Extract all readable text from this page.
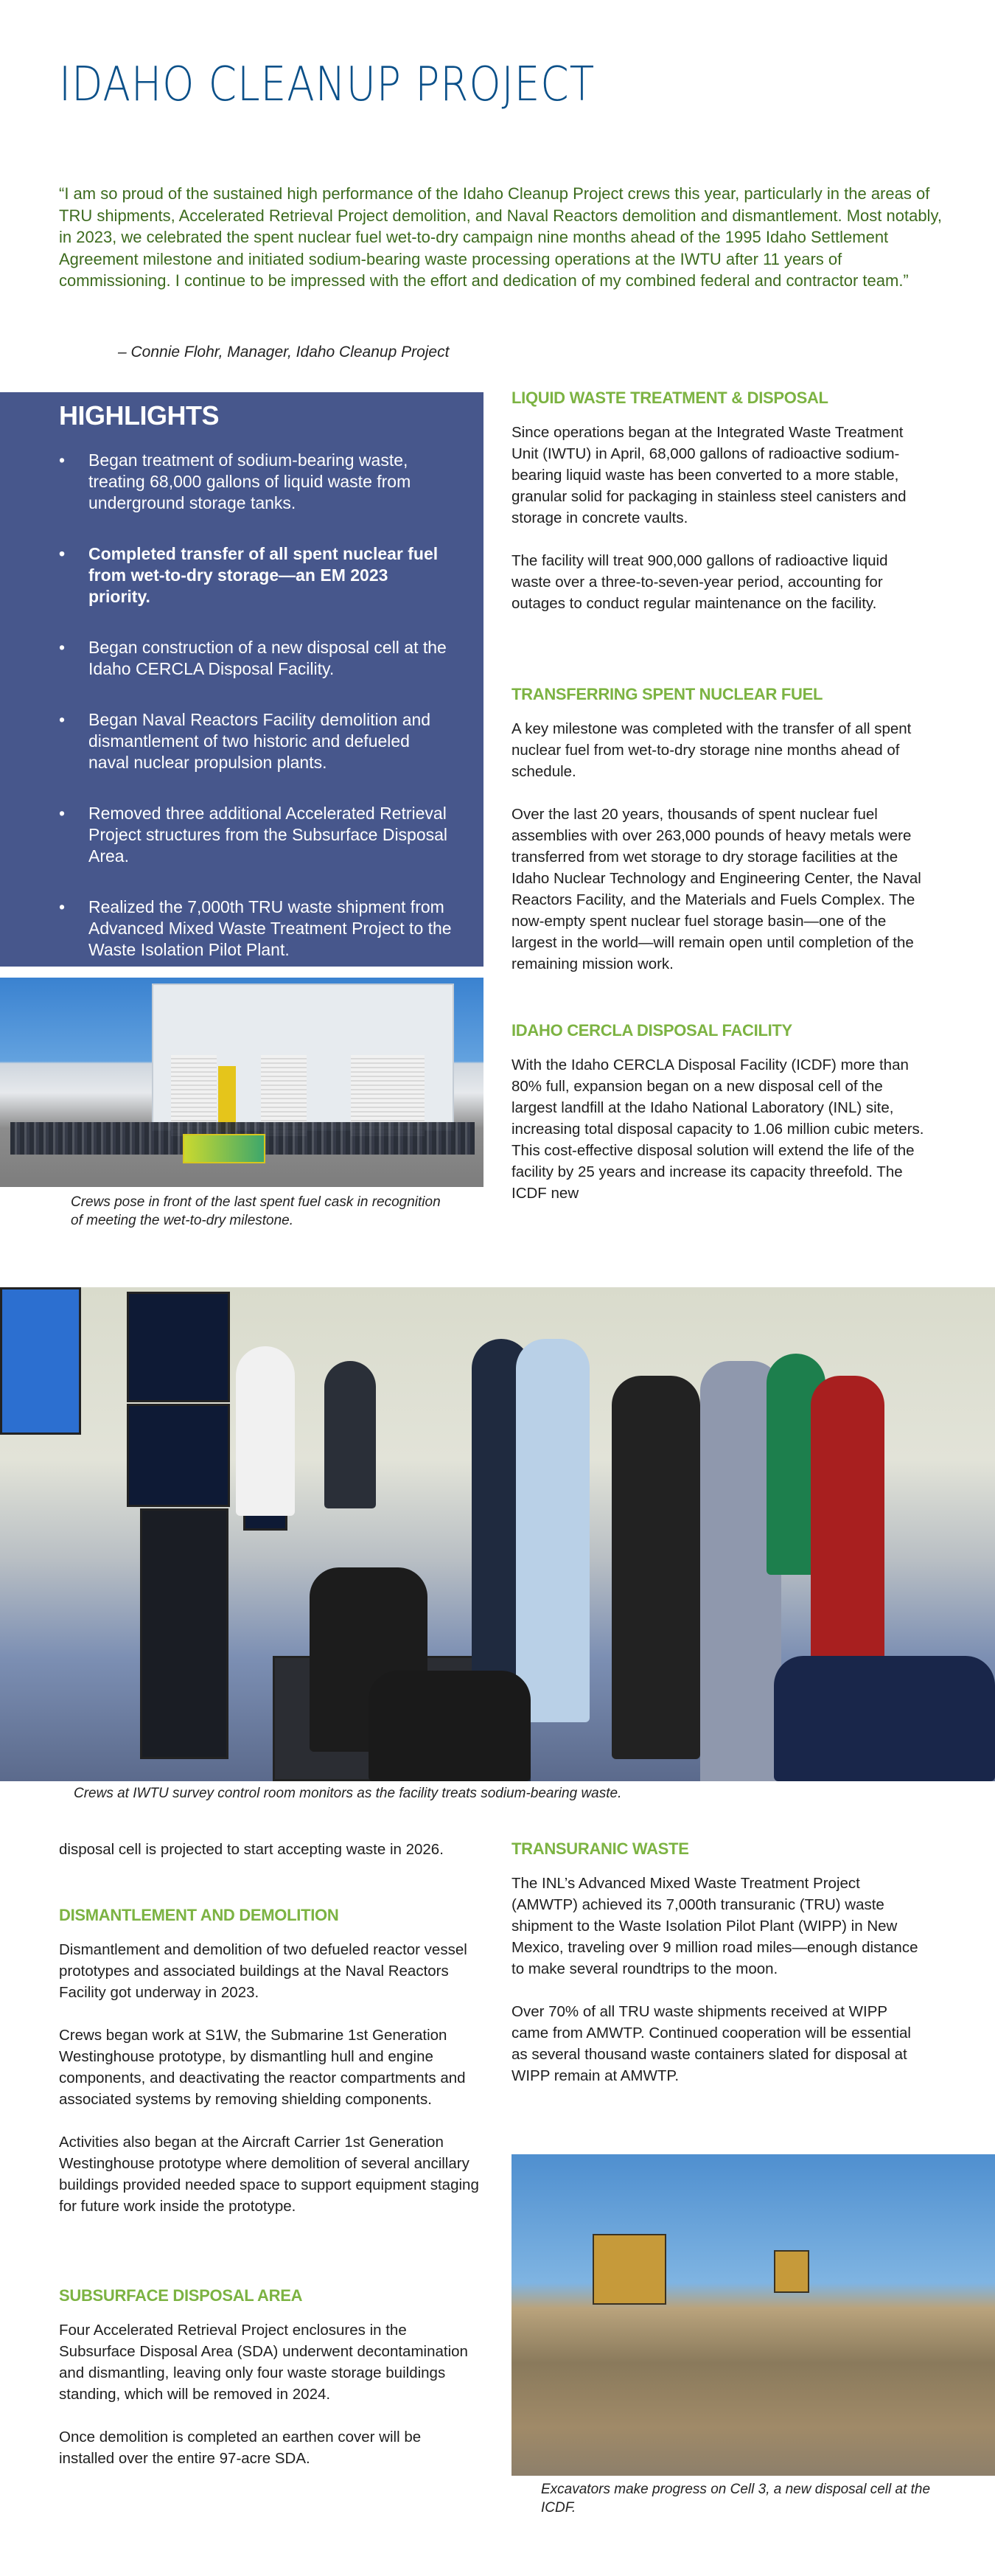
IDAHO CLEANUP PROJECT

“I am so proud of the sustained high performance of the Idaho Cleanup Project crews this year, particularly in the areas of TRU shipments, Accelerated Retrieval Project demolition, and Naval Reactors demolition and dismantlement. Most notably, in 2023, we celebrated the spent nuclear fuel wet-to-dry campaign nine months ahead of the 1995 Idaho Settlement Agreement milestone and initiated sodium-bearing waste processing operations at the IWTU after 11 years of commissioning. I continue to be impressed with the effort and dedication of my combined federal and contractor team.”

– Connie Flohr, Manager, Idaho Cleanup Project

HIGHLIGHTS
• Began treatment of sodium-bearing waste, treating 68,000 gallons of liquid waste from underground storage tanks.
• Completed transfer of all spent nuclear fuel from wet-to-dry storage—an EM 2023 priority.
• Began construction of a new disposal cell at the Idaho CERCLA Disposal Facility.
• Began Naval Reactors Facility demolition and dismantlement of two historic and defueled naval nuclear propulsion plants.
• Removed three additional Accelerated Retrieval Project structures from the Subsurface Disposal Area.
• Realized the 7,000th TRU waste shipment from Advanced Mixed Waste Treatment Project to the Waste Isolation Pilot Plant.

Crews pose in front of the last spent fuel cask in recognition of meeting the wet-to-dry milestone.

LIQUID WASTE TREATMENT & DISPOSAL

Since operations began at the Integrated Waste Treatment Unit (IWTU) in April, 68,000 gallons of radioactive sodium-bearing liquid waste has been converted to a more stable, granular solid for packaging in stainless steel canisters and storage in concrete vaults.

The facility will treat 900,000 gallons of radioactive liquid waste over a three-to-seven-year period, accounting for outages to conduct regular maintenance on the facility.

TRANSFERRING SPENT NUCLEAR FUEL

A key milestone was completed with the transfer of all spent nuclear fuel from wet-to-dry storage nine months ahead of schedule.

Over the last 20 years, thousands of spent nuclear fuel assemblies with over 263,000 pounds of heavy metals were transferred from wet storage to dry storage facilities at the Idaho Nuclear Technology and Engineering Center, the Naval Reactors Facility, and the Materials and Fuels Complex. The now-empty spent nuclear fuel storage basin—one of the largest in the world—will remain open until completion of the remaining mission work.

IDAHO CERCLA DISPOSAL FACILITY

With the Idaho CERCLA Disposal Facility (ICDF) more than 80% full, expansion began on a new disposal cell of the largest landfill at the Idaho National Laboratory (INL) site, increasing total disposal capacity to 1.06 million cubic meters. This cost-effective disposal solution will extend the life of the facility by 25 years and increase its capacity threefold. The ICDF new

Crews at IWTU survey control room monitors as the facility treats sodium-bearing waste.

disposal cell is projected to start accepting waste in 2026.

DISMANTLEMENT AND DEMOLITION

Dismantlement and demolition of two defueled reactor vessel prototypes and associated buildings at the Naval Reactors Facility got underway in 2023.

Crews began work at S1W, the Submarine 1st Generation Westinghouse prototype, by dismantling hull and engine components, and deactivating the reactor compartments and associated systems by removing shielding components.

Activities also began at the Aircraft Carrier 1st Generation Westinghouse prototype where demolition of several ancillary buildings provided needed space to support equipment staging for future work inside the prototype.

SUBSURFACE DISPOSAL AREA

Four Accelerated Retrieval Project enclosures in the Subsurface Disposal Area (SDA) underwent decontamination and dismantling, leaving only four waste storage buildings standing, which will be removed in 2024.

Once demolition is completed an earthen cover will be installed over the entire 97-acre SDA.

TRANSURANIC WASTE

The INL’s Advanced Mixed Waste Treatment Project (AMWTP) achieved its 7,000th transuranic (TRU) waste shipment to the Waste Isolation Pilot Plant (WIPP) in New Mexico, traveling over 9 million road miles—enough distance to make several roundtrips to the moon.

Over 70% of all TRU waste shipments received at WIPP came from AMWTP. Continued cooperation will be essential as several thousand waste containers slated for disposal at WIPP remain at AMWTP.

Excavators make progress on Cell 3, a new disposal cell at the ICDF.
